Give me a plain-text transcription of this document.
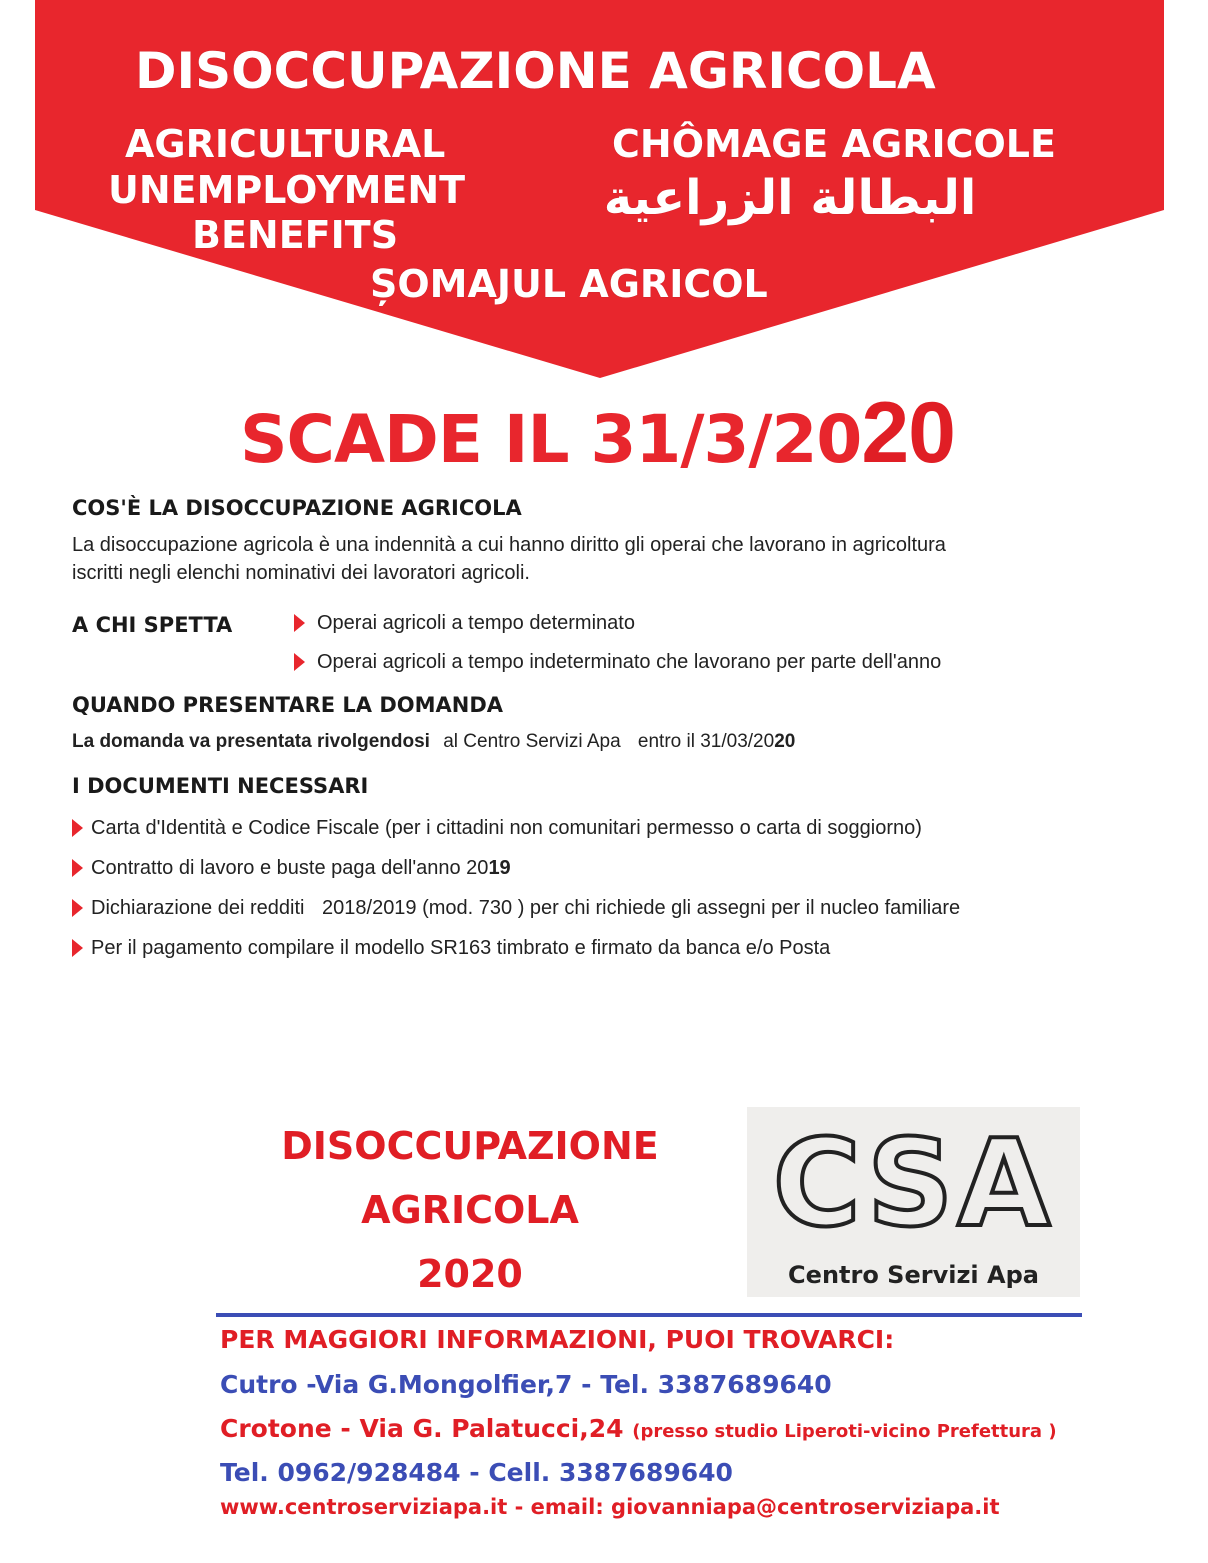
DISOCCUPAZIONE AGRICOLA
AGRICULTURAL
UNEMPLOYMENT
BENEFITS
CHÔMAGE AGRICOLE
البطالة الزراعية
ȘOMAJUL AGRICOL
SCADE IL 31/3/2020
COS'È LA DISOCCUPAZIONE AGRICOLA
La disoccupazione agricola è una indennità a cui hanno diritto gli operai che lavorano in agricoltura
iscritti negli elenchi nominativi dei lavoratori agricoli.
A CHI SPETTA	Operai agricoli a tempo determinato
Operai agricoli a tempo indeterminato che lavorano per parte dell'anno
QUANDO PRESENTARE LA DOMANDA
La domanda va presentata rivolgendosi al Centro Servizi Apa entro il 31/03/2020
I DOCUMENTI NECESSARI
Carta d'Identità e Codice Fiscale (per i cittadini non comunitari permesso o carta di soggiorno)
Contratto di lavoro e buste paga dell'anno 2019
Dichiarazione dei redditi 2018/2019 (mod. 730 ) per chi richiede gli assegni per il nucleo familiare
Per il pagamento compilare il modello SR163 timbrato e firmato da banca e/o Posta
DISOCCUPAZIONE
AGRICOLA
2020
CSA
Centro Servizi Apa
PER MAGGIORI INFORMAZIONI, PUOI TROVARCI:
Cutro -Via G.Mongolfier,7 - Tel. 3387689640
Crotone - Via G. Palatucci,24 (presso studio Liperoti-vicino Prefettura )
Tel. 0962/928484 - Cell. 3387689640
www.centroserviziapa.it - email: giovanniapa@centroserviziapa.it
